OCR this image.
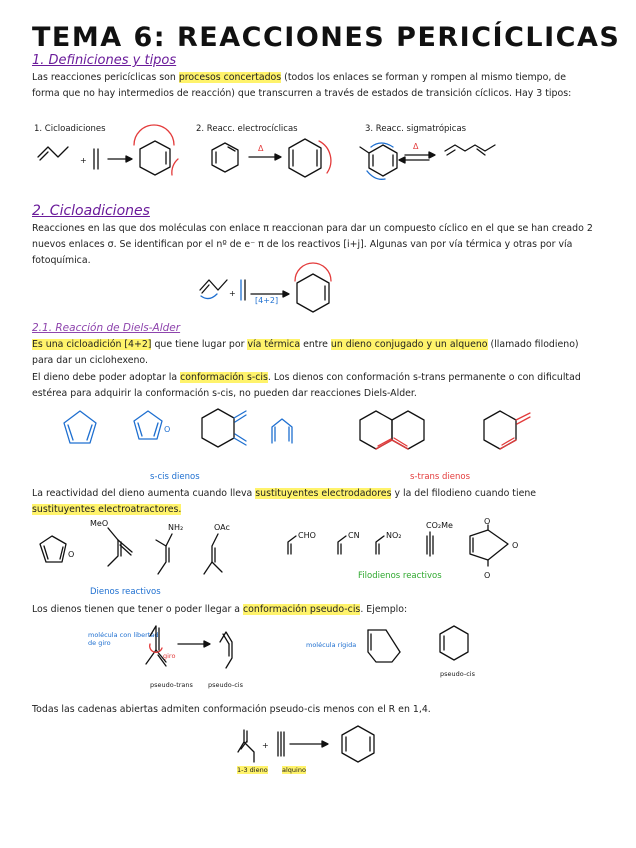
TEMA 6: REACCIONES PERICÍCLICAS
1. Definiciones y tipos
Las reacciones pericíclicas son procesos concertados (todos los enlaces se forman y rompen al mismo tiempo, de forma que no hay intermedios de reacción) que transcurren a través de estados de transición cíclicos. Hay 3 tipos:
1. Cicloadiciones	2. Reacc. electrocíclicas	3. Reacc. sigmatrópicas
+
Δ	Δ
2. Cicloadiciones
Reacciones en las que dos moléculas con enlace π reaccionan para dar un compuesto cíclico en el que se han creado 2 nuevos enlaces σ. Se identifican por el nº de e⁻ π de los reactivos [i+j]. Algunas van por vía térmica y otras por vía fotoquímica.
+
[4+2]
2.1. Reacción de Diels-Alder
Es una cicloadición [4+2] que tiene lugar por vía térmica entre un dieno conjugado y un alqueno (llamado filodieno) para dar un ciclohexeno.
El dieno debe poder adoptar la conformación s-cis. Los dienos con conformación s-trans permanente o con dificultad estérea para adquirir la conformación s-cis, no pueden dar reacciones Diels-Alder.
O
s-cis dienos	s-trans dienos
La reactividad del dieno aumenta cuando lleva sustituyentes electrodadores y la del filodieno cuando tiene sustituyentes electroatractores.
O
MeO	NH₂	OAc
CHO	CN	NO₂
CO₂Me	O
O
O
Dienos reactivos
Filodienos reactivos
Los dienos tienen que tener o poder llegar a conformación pseudo-cis. Ejemplo:
molécula con libertad de giro
giro
pseudo-trans pseudo-cis
molécula rígida
pseudo-cis
Todas las cadenas abiertas admiten conformación pseudo-cis menos con el R en 1,4.
+
1-3 dieno alquino
